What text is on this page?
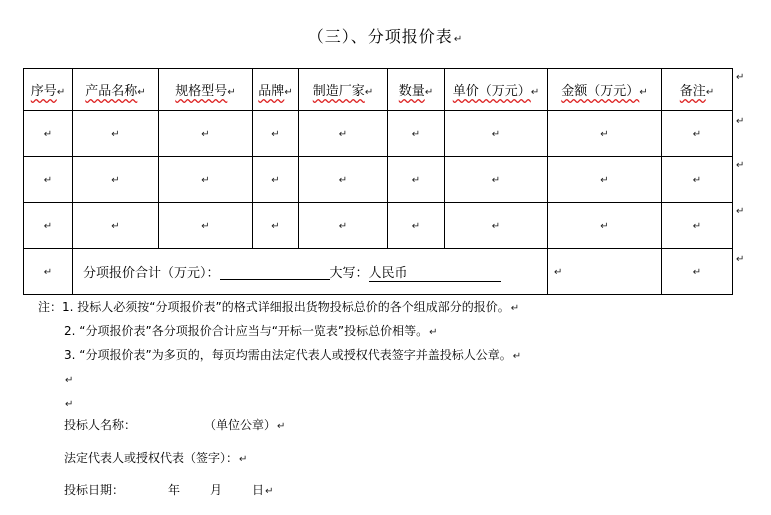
（三）、分项报价表↵
序号↵	产品名称↵	规格型号↵	品牌↵	制造厂家↵	数量↵	单价（万元）↵	金额（万元）↵	备注↵
↵	↵	↵	↵	↵	↵	↵	↵	↵
↵	↵	↵	↵	↵	↵	↵	↵	↵
↵	↵	↵	↵	↵	↵	↵	↵	↵
↵	分项报价合计（万元）： 大写：人民币						↵	↵
↵
↵
↵
↵
↵
注：1. 投标人必须按“分项报价表”的格式详细报出货物投标总价的各个组成部分的报价。↵
2. “分项报价表”各分项报价合计应当与“开标一览表”投标总价相等。↵
3. “分项报价表”为多页的，每页均需由法定代表人或授权代表签字并盖投标人公章。↵
↵
↵
投标人名称：	（单位公章）↵
法定代表人或授权代表（签字）：↵
投标日期：	年	月	日↵
